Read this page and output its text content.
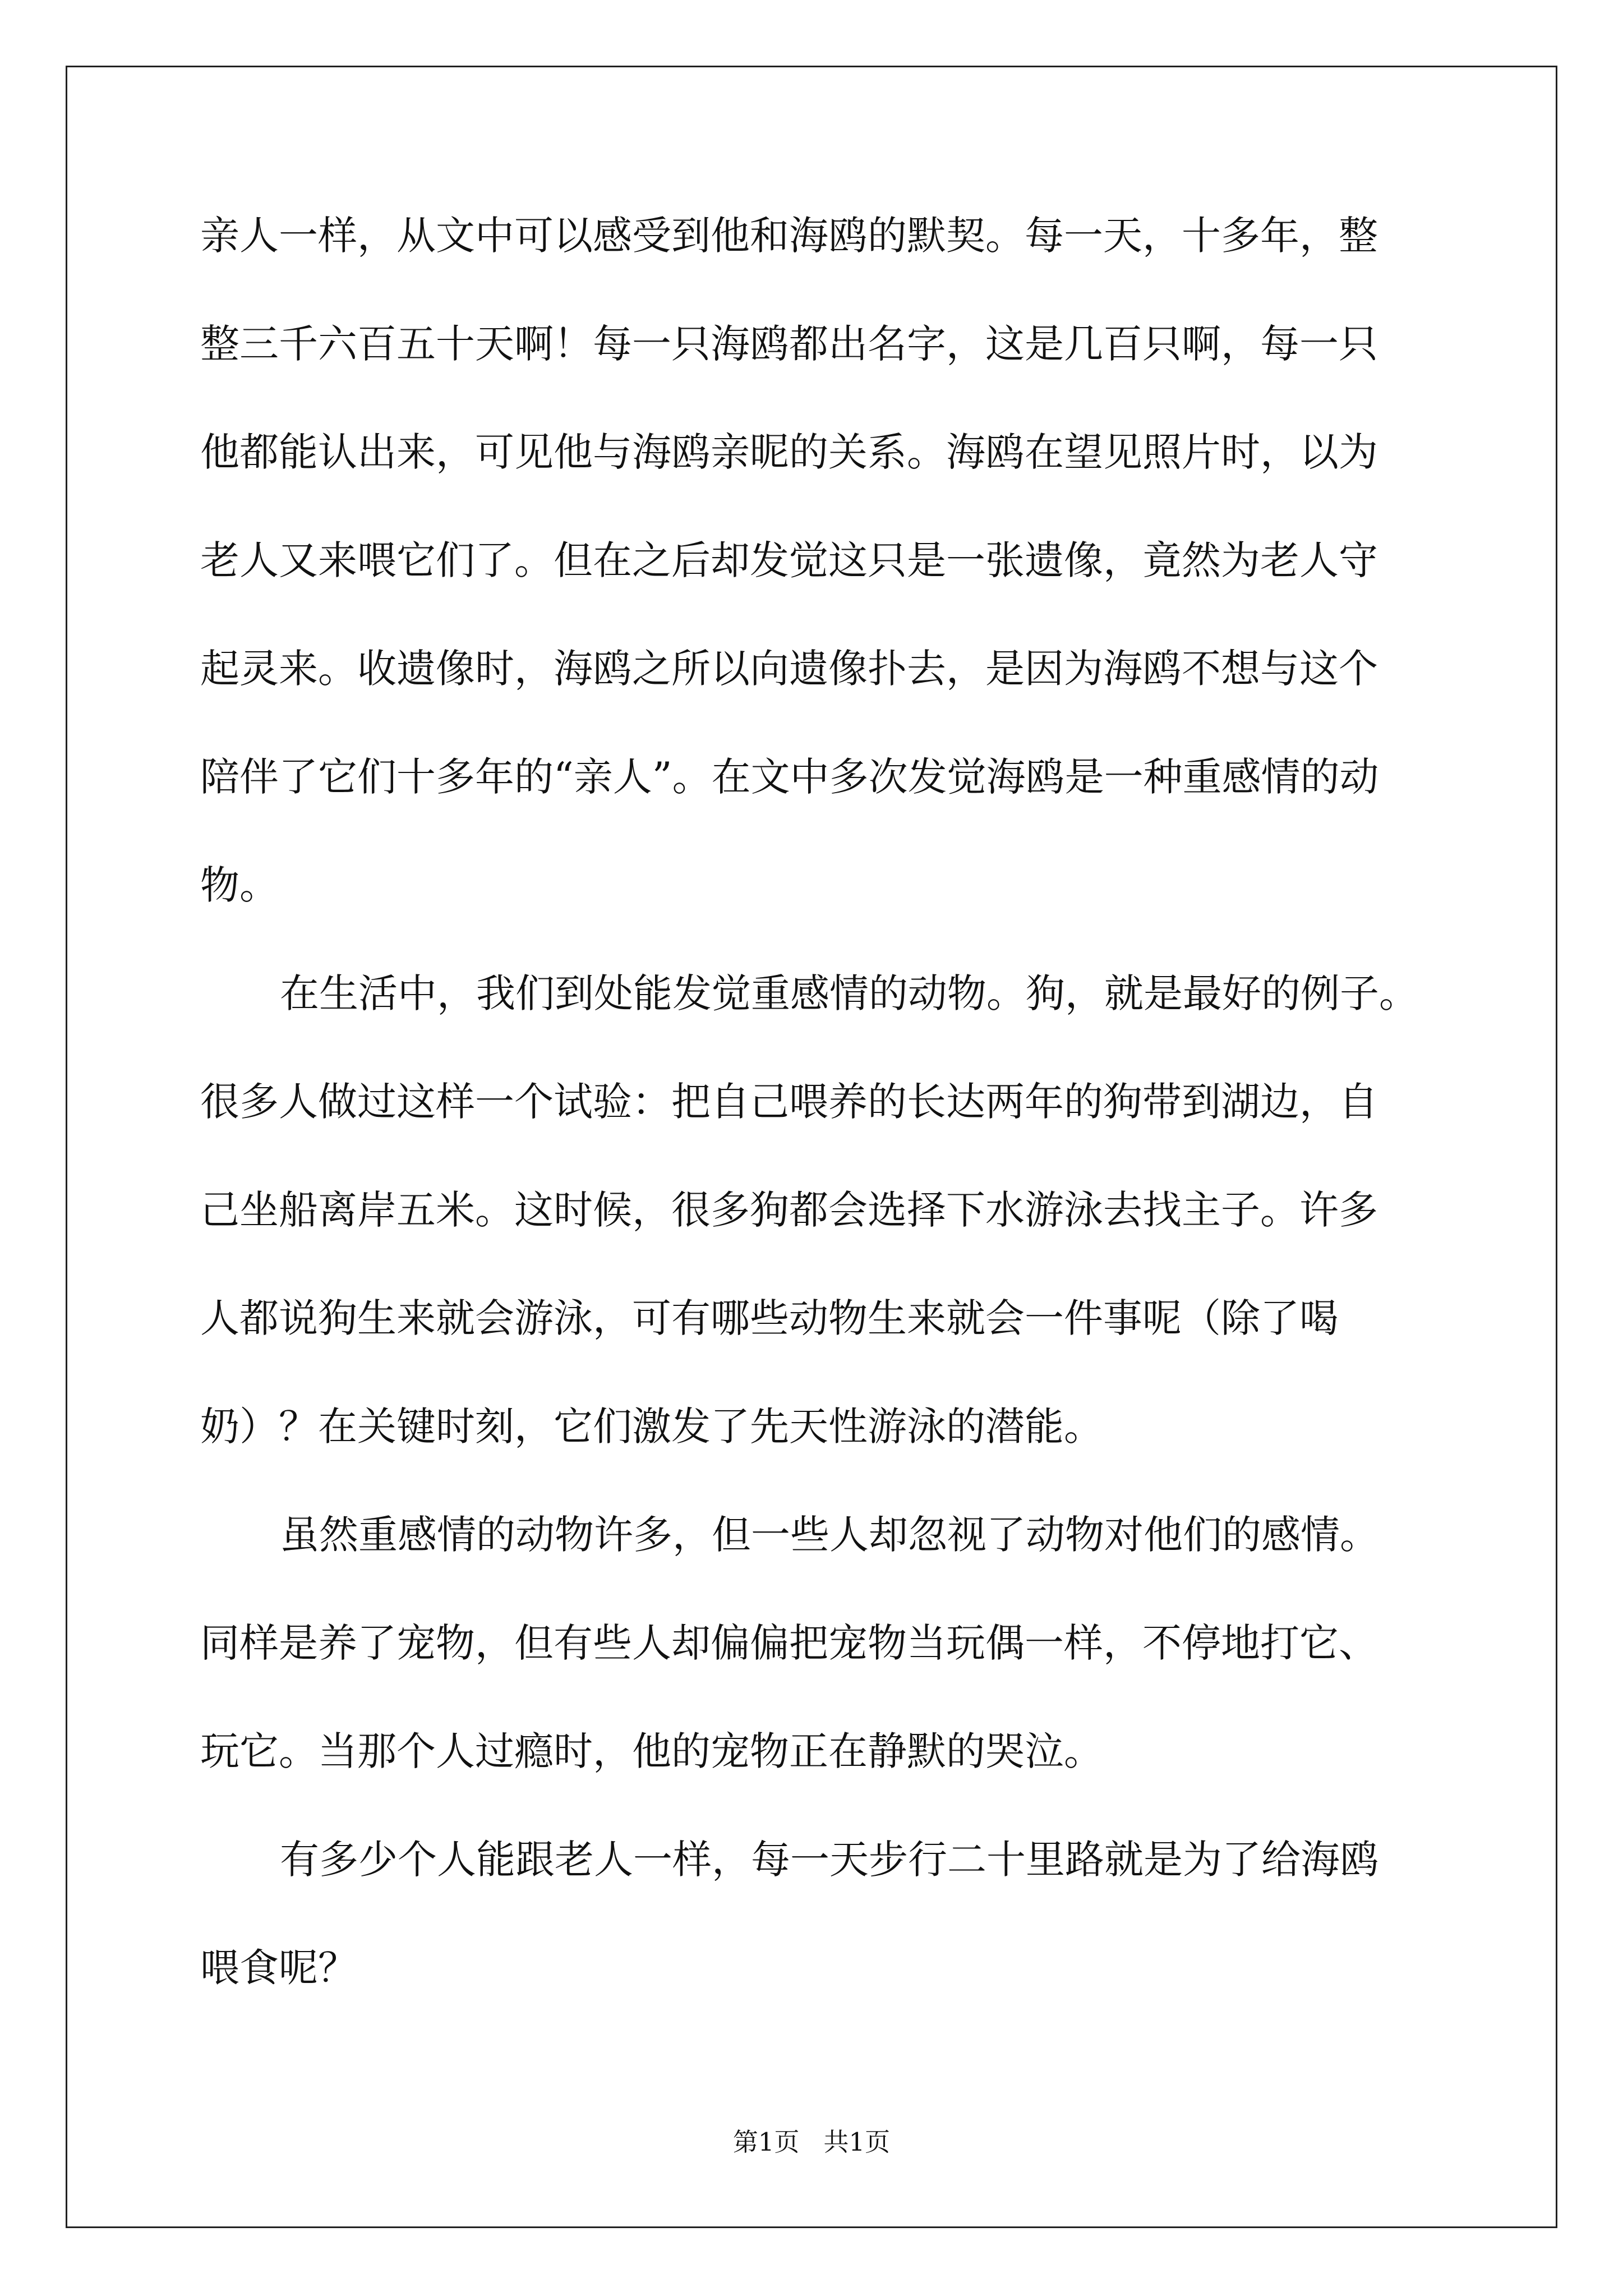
亲人一样，从文中可以感受到他和海鸥的默契。每一天，十多年，整
整三千六百五十天啊！每一只海鸥都出名字，这是几百只啊，每一只
他都能认出来，可见他与海鸥亲昵的关系。海鸥在望见照片时，以为
老人又来喂它们了。但在之后却发觉这只是一张遗像，竟然为老人守
起灵来。收遗像时，海鸥之所以向遗像扑去，是因为海鸥不想与这个
陪伴了它们十多年的“亲人”。在文中多次发觉海鸥是一种重感情的动
物。
在生活中，我们到处能发觉重感情的动物。狗，就是最好的例子。
很多人做过这样一个试验：把自己喂养的长达两年的狗带到湖边，自
己坐船离岸五米。这时候，很多狗都会选择下水游泳去找主子。许多
人都说狗生来就会游泳，可有哪些动物生来就会一件事呢（除了喝
奶）？在关键时刻，它们激发了先天性游泳的潜能。
虽然重感情的动物许多，但一些人却忽视了动物对他们的感情。
同样是养了宠物，但有些人却偏偏把宠物当玩偶一样，不停地打它、
玩它。当那个人过瘾时，他的宠物正在静默的哭泣。
有多少个人能跟老人一样，每一天步行二十里路就是为了给海鸥
喂食呢？
第1页   共1页
